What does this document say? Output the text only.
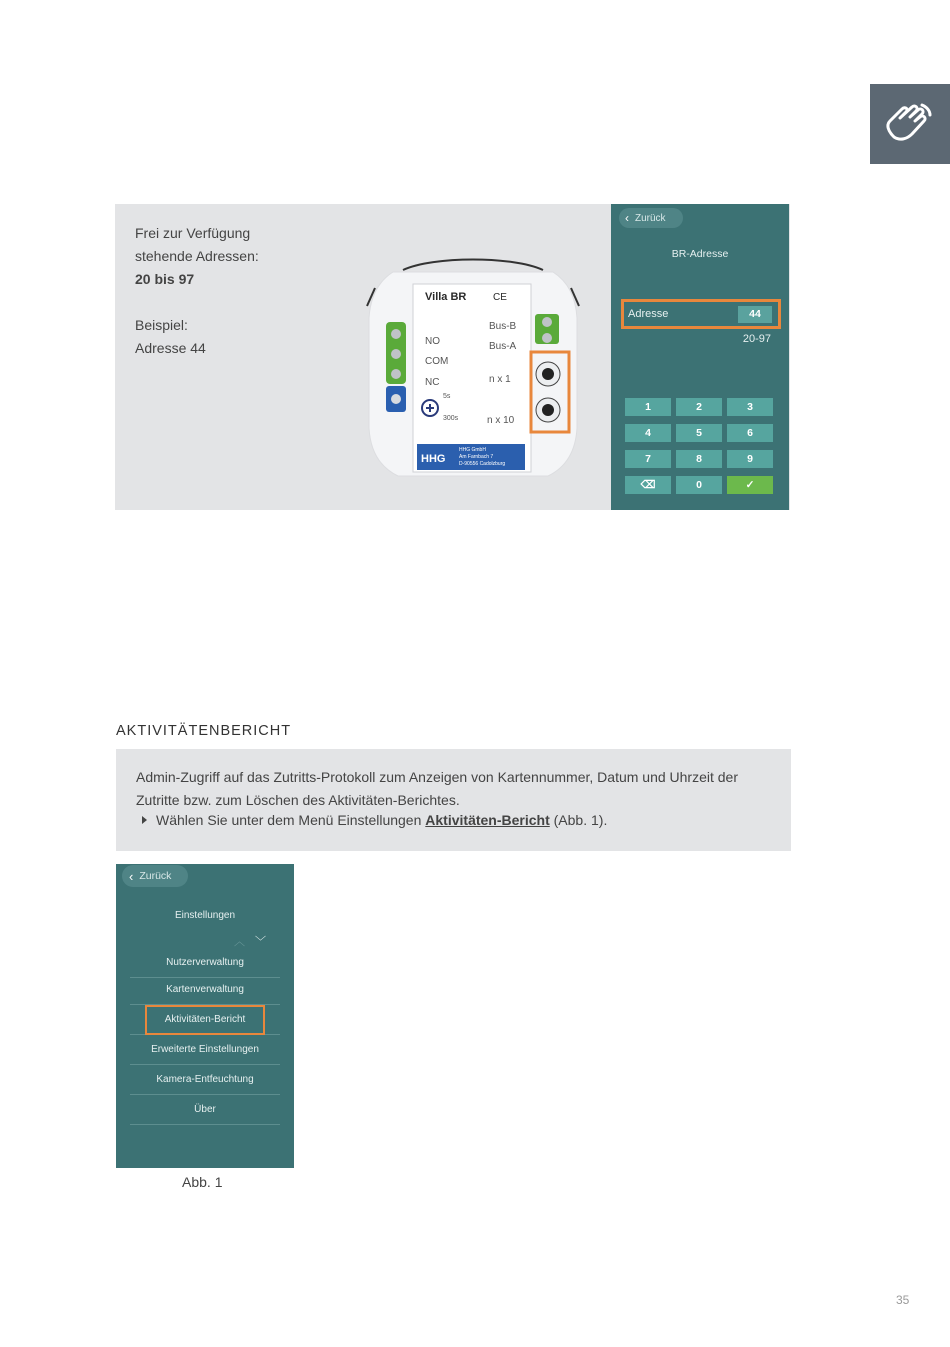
Frei zur Verfügung
stehende Adressen:
20 bis 97
Beispiel:
Adresse 44
Villa BR	CE
NO
COM
NC
Bus-B
Bus-A
n x 1
n x 10
5s
300s
HHG
HHG GmbH
Am Farnbach 7
D-90556 Cadolzburg
‹ Zurück
BR-Adresse
Adresse	44
20-97
1	2	3
4	5	6
7	8	9
⌫	0	✓
AKTIVITÄTENBERICHT
Admin-Zugriff auf das Zutritts-Protokoll zum Anzeigen von Kartennummer, Datum und Uhrzeit der Zutritte bzw. zum Löschen des Aktivitäten-Berichtes.
Wählen Sie unter dem Menü Einstellungen Aktivitäten-Bericht (Abb. 1).
‹ Zurück
Einstellungen
︿ ﹀
Nutzerverwaltung
Kartenverwaltung
Aktivitäten-Bericht
Erweiterte Einstellungen
Kamera-Entfeuchtung
Über
Abb. 1
35
